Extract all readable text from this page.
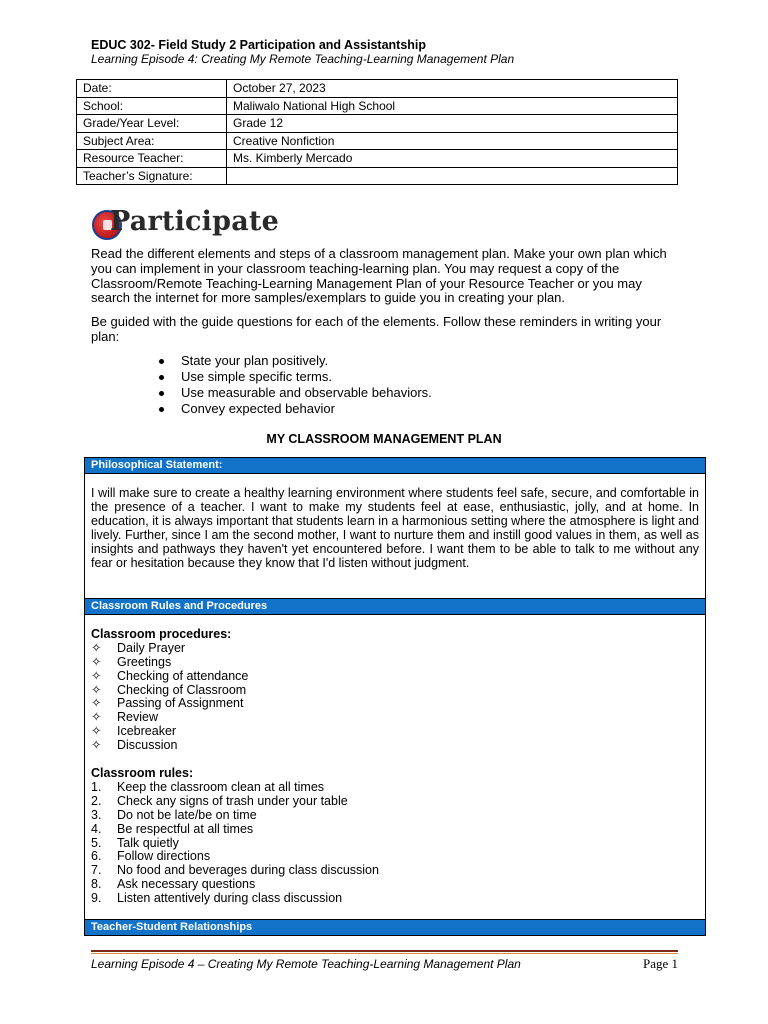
EDUC 302- Field Study 2 Participation and Assistantship
Learning Episode 4: Creating My Remote Teaching-Learning Management Plan
Date:	October 27, 2023
School:	Maliwalo National High School
Grade/Year Level:	Grade 12
Subject Area:	Creative Nonfiction
Resource Teacher:	Ms. Kimberly Mercado
Teacher’s Signature:	
Participate
Read the different elements and steps of a classroom management plan. Make your own plan which you can implement in your classroom teaching-learning plan. You may request a copy of the Classroom/Remote Teaching-Learning Management Plan of your Resource Teacher or you may search the internet for more samples/exemplars to guide you in creating your plan.
Be guided with the guide questions for each of the elements. Follow these reminders in writing your plan:
State your plan positively.
Use simple specific terms.
Use measurable and observable behaviors.
Convey expected behavior
MY CLASSROOM MANAGEMENT PLAN
Philosophical Statement:
I will make sure to create a healthy learning environment where students feel safe, secure, and comfortable in the presence of a teacher. I want to make my students feel at ease, enthusiastic, jolly, and at home. In education, it is always important that students learn in a harmonious setting where the atmosphere is light and lively. Further, since I am the second mother, I want to nurture them and instill good values in them, as well as insights and pathways they haven't yet encountered before. I want them to be able to talk to me without any fear or hesitation because they know that I'd listen without judgment.
Classroom Rules and Procedures
Classroom procedures:
✧	Daily Prayer
✧	Greetings
✧	Checking of attendance
✧	Checking of Classroom
✧	Passing of Assignment
✧	Review
✧	Icebreaker
✧	Discussion
Classroom rules:
1.	Keep the classroom clean at all times
2.	Check any signs of trash under your table
3.	Do not be late/be on time
4.	Be respectful at all times
5.	Talk quietly
6.	Follow directions
7.	No food and beverages during class discussion
8.	Ask necessary questions
9.	Listen attentively during class discussion
Teacher-Student Relationships
Learning Episode 4 – Creating My Remote Teaching-Learning Management Plan	Page 1
